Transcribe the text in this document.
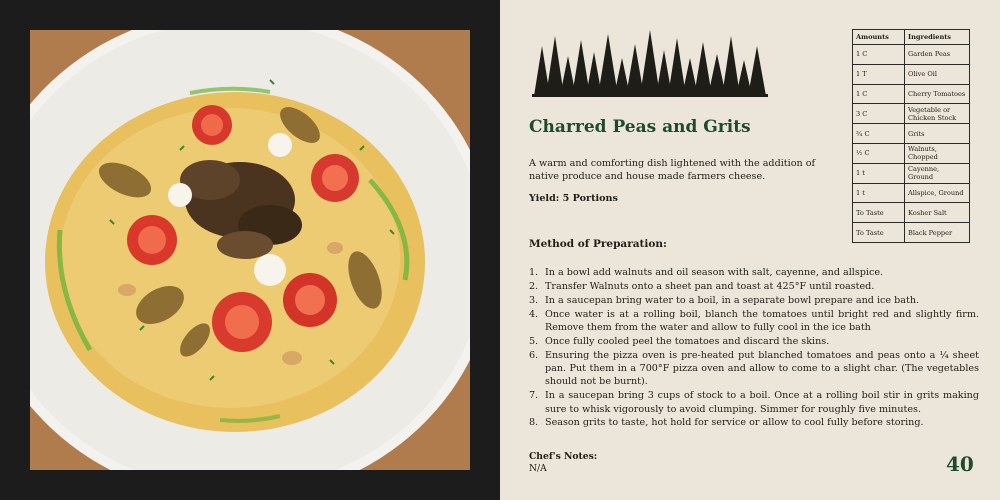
Charred Peas and Grits
A warm and comforting dish lightened with the addition of native produce and house made farmers cheese.
Yield: 5 Portions
Method of Preparation:
1. In a bowl add walnuts and oil season with salt, cayenne, and allspice.
2. Transfer Walnuts onto a sheet pan and toast at 425°F until roasted.
3. In a saucepan bring water to a boil, in a separate bowl prepare and ice bath.
4. Once water is at a rolling boil, blanch the tomatoes until bright red and slightly firm. Remove them from the water and allow to fully cool in the ice bath
5. Once fully cooled peel the tomatoes and discard the skins.
6. Ensuring the pizza oven is pre-heated put blanched tomatoes and peas onto a ¼ sheet pan. Put them in a 700°F pizza oven and allow to come to a slight char. (The vegetables should not be burnt).
7. In a saucepan bring 3 cups of stock to a boil. Once at a rolling boil stir in grits making sure to whisk vigorously to avoid clumping. Simmer for roughly five minutes.
8. Season grits to taste, hot hold for service or allow to cool fully before storing.
Chef's Notes:
N/A	40
Amounts	Ingredients
1 C	Garden Peas
1 T	Olive Oil
1 C	Cherry Tomatoes
3 C	Vegetable or Chicken Stock
¾ C	Grits
½ C	Walnuts, Chopped
1 t	Cayenne, Ground
1 t	Allspice, Ground
To Taste	Kosher Salt
To Taste	Black Pepper
